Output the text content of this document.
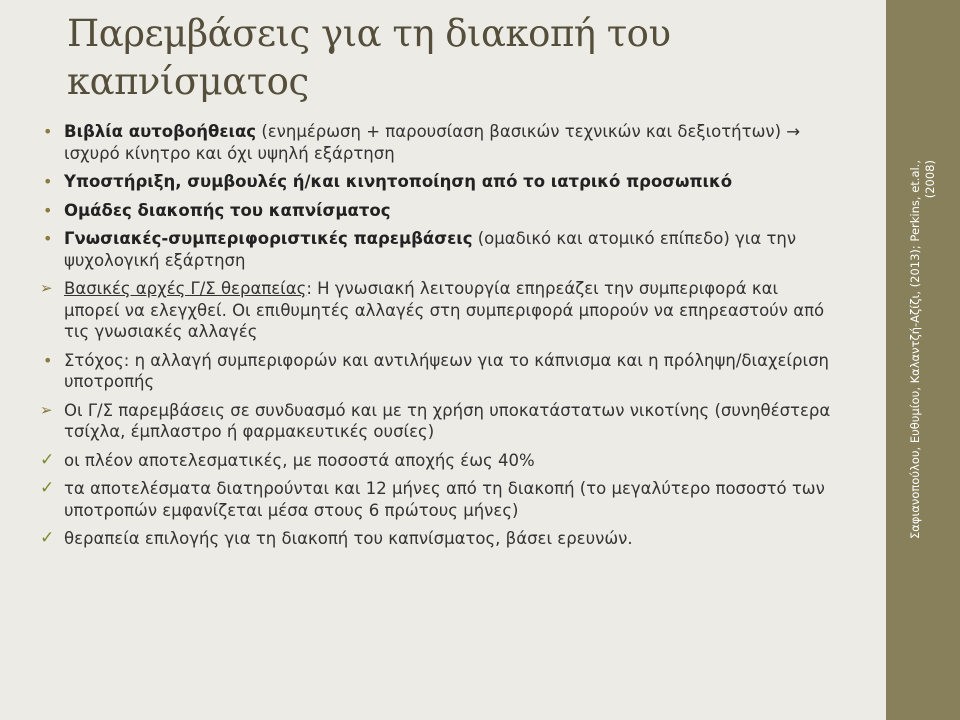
Παρεμβάσεις για τη διακοπή του καπνίσματος
• Βιβλία αυτοβοήθειας (ενημέρωση + παρουσίαση βασικών τεχνικών και δεξιοτήτων) → ισχυρό κίνητρο και όχι υψηλή εξάρτηση
• Υποστήριξη, συμβουλές ή/και κινητοποίηση από το ιατρικό προσωπικό
• Ομάδες διακοπής του καπνίσματος
• Γνωσιακές-συμπεριφοριστικές παρεμβάσεις (ομαδικό και ατομικό επίπεδο) για την ψυχολογική εξάρτηση
➢ Βασικές αρχές Γ/Σ θεραπείας: Η γνωσιακή λειτουργία επηρεάζει την συμπεριφορά και μπορεί να ελεγχθεί. Οι επιθυμητές αλλαγές στη συμπεριφορά μπορούν να επηρεαστούν από τις γνωσιακές αλλαγές
• Στόχος: η αλλαγή συμπεριφορών και αντιλήψεων για το κάπνισμα και η πρόληψη/διαχείριση υποτροπής
➢ Οι Γ/Σ παρεμβάσεις σε συνδυασμό και με τη χρήση υποκατάστατων νικοτίνης (συνηθέστερα τσίχλα, έμπλαστρο ή φαρμακευτικές ουσίες)
✓ οι πλέον αποτελεσματικές, με ποσοστά αποχής έως 40%
✓ τα αποτελέσματα διατηρούνται και 12 μήνες από τη διακοπή (το μεγαλύτερο ποσοστό των υποτροπών εμφανίζεται μέσα στους 6 πρώτους μήνες)
✓ θεραπεία επιλογής για τη διακοπή του καπνίσματος, βάσει ερευνών.	Σαφιανοπούλου, Ευθυμίου, Καλαντζή-Αζίζι, (2013); Perkins, et.al., (2008)
